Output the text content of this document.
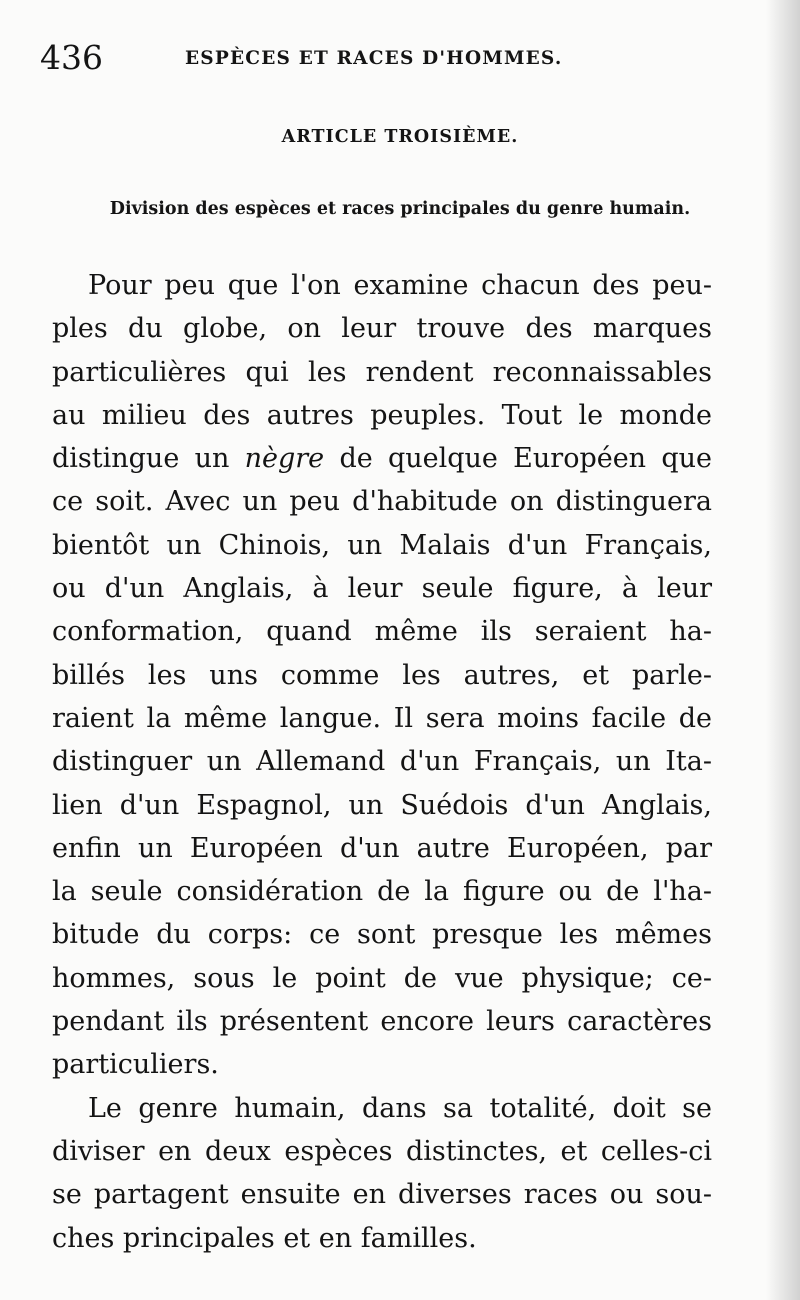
436	ESPÈCES ET RACES D'HOMMES.
ARTICLE TROISIÈME.
Division des espèces et races principales du genre humain.
Pour peu que l'on examine chacun des peu-
ples du globe, on leur trouve des marques
particulières qui les rendent reconnaissables
au milieu des autres peuples. Tout le monde
distingue un nègre de quelque Européen que
ce soit. Avec un peu d'habitude on distinguera
bientôt un Chinois, un Malais d'un Français,
ou d'un Anglais, à leur seule figure, à leur
conformation, quand même ils seraient ha-
billés les uns comme les autres, et parle-
raient la même langue. Il sera moins facile de
distinguer un Allemand d'un Français, un Ita-
lien d'un Espagnol, un Suédois d'un Anglais,
enfin un Européen d'un autre Européen, par
la seule considération de la figure ou de l'ha-
bitude du corps: ce sont presque les mêmes
hommes, sous le point de vue physique; ce-
pendant ils présentent encore leurs caractères
particuliers.
Le genre humain, dans sa totalité, doit se
diviser en deux espèces distinctes, et celles-ci
se partagent ensuite en diverses races ou sou-
ches principales et en familles.
